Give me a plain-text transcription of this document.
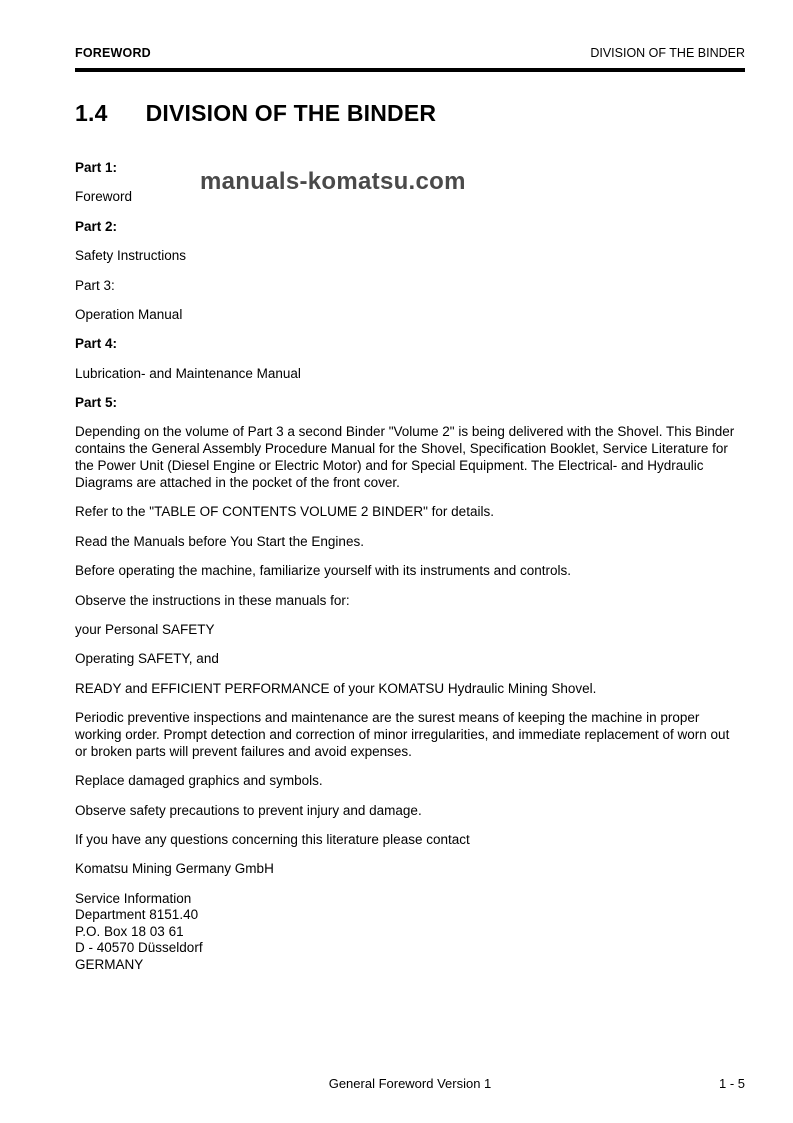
FOREWORD	DIVISION OF THE BINDER
1.4 DIVISION OF THE BINDER
manuals-komatsu.com

Part 1:

Foreword

Part 2:

Safety Instructions

Part 3:

Operation Manual

Part 4:

Lubrication- and Maintenance Manual

Part 5:

Depending on the volume of Part 3 a second Binder "Volume 2" is being delivered with the Shovel. This Binder contains the General Assembly Procedure Manual for the Shovel, Specification Booklet, Service Literature for the Power Unit (Diesel Engine or Electric Motor) and for Special Equipment. The Electrical- and Hydraulic Diagrams are attached in the pocket of the front cover.

Refer to the "TABLE OF CONTENTS VOLUME 2 BINDER" for details.

Read the Manuals before You Start the Engines.

Before operating the machine, familiarize yourself with its instruments and controls.

Observe the instructions in these manuals for:

your Personal SAFETY

Operating SAFETY, and

READY and EFFICIENT PERFORMANCE of your KOMATSU Hydraulic Mining Shovel.

Periodic preventive inspections and maintenance are the surest means of keeping the machine in proper working order. Prompt detection and correction of minor irregularities, and immediate replacement of worn out or broken parts will prevent failures and avoid expenses.

Replace damaged graphics and symbols.

Observe safety precautions to prevent injury and damage.

If you have any questions concerning this literature please contact

Komatsu Mining Germany GmbH

Service Information

Department 8151.40

P.O. Box 18 03 61

D - 40570 Düsseldorf

GERMANY

General Foreword Version 1	1 - 5
